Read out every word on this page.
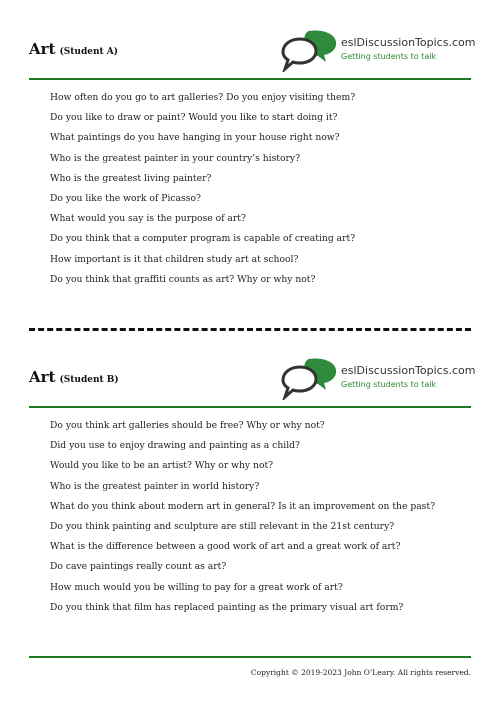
Art (Student A)
eslDiscussionTopics.com
Getting students to talk
How often do you go to art galleries? Do you enjoy visiting them?
Do you like to draw or paint? Would you like to start doing it?
What paintings do you have hanging in your house right now?
Who is the greatest painter in your country’s history?
Who is the greatest living painter?
Do you like the work of Picasso?
What would you say is the purpose of art?
Do you think that a computer program is capable of creating art?
How important is it that children study art at school?
Do you think that graffiti counts as art? Why or why not?
Art (Student B)
eslDiscussionTopics.com
Getting students to talk
Do you think art galleries should be free? Why or why not?
Did you use to enjoy drawing and painting as a child?
Would you like to be an artist? Why or why not?
Who is the greatest painter in world history?
What do you think about modern art in general? Is it an improvement on the past?
Do you think painting and sculpture are still relevant in the 21st century?
What is the difference between a good work of art and a great work of art?
Do cave paintings really count as art?
How much would you be willing to pay for a great work of art?
Do you think that film has replaced painting as the primary visual art form?
Copyright © 2019-2023 John O’Leary. All rights reserved.
